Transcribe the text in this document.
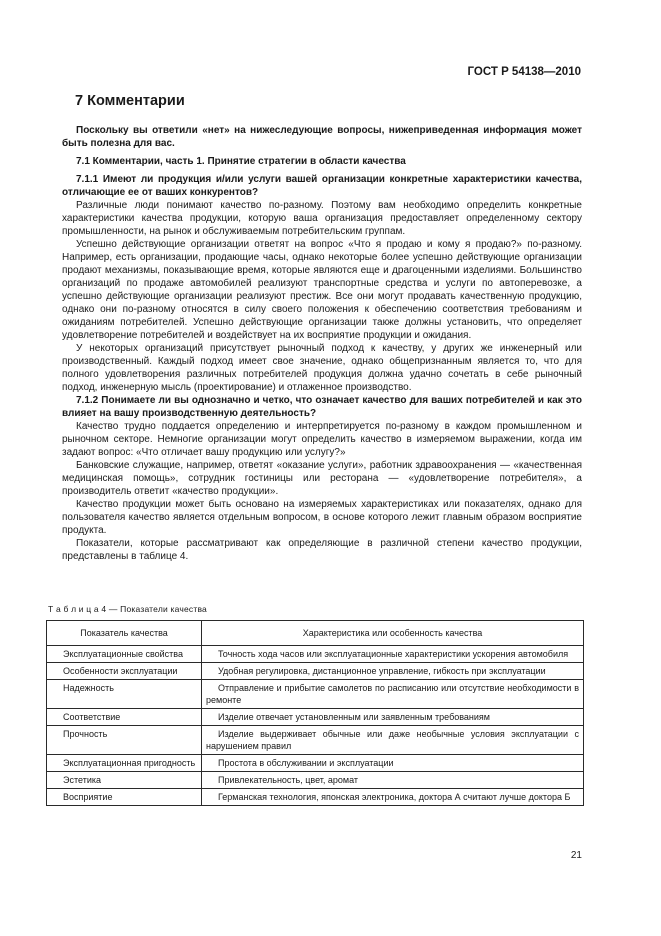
ГОСТ Р 54138—2010
7 Комментарии

Поскольку вы ответили «нет» на нижеследующие вопросы, нижеприведенная информация может быть полезна для вас.

7.1 Комментарии, часть 1. Принятие стратегии в области качества

7.1.1 Имеют ли продукция и/или услуги вашей организации конкретные характеристики качества, отличающие ее от ваших конкурентов?

Различные люди понимают качество по-разному. Поэтому вам необходимо определить конкретные характеристики качества продукции, которую ваша организация предоставляет определенному сектору промышленности, на рынок и обслуживаемым потребительским группам.

Успешно действующие организации ответят на вопрос «Что я продаю и кому я продаю?» по-разному. Например, есть организации, продающие часы, однако некоторые более успешно действующие организации продают механизмы, показывающие время, которые являются еще и драгоценными изделиями. Большинство организаций по продаже автомобилей реализуют транспортные средства и услуги по автоперевозке, а успешно действующие организации реализуют престиж. Все они могут продавать качественную продукцию, однако они по-разному относятся в силу своего положения к обеспечению соответствия требованиям и ожиданиям потребителей. Успешно действующие организации также должны установить, что определяет удовлетворение потребителей и воздействует на их восприятие продукции и ожидания.

У некоторых организаций присутствует рыночный подход к качеству, у других же инженерный или производственный. Каждый подход имеет свое значение, однако общепризнанным является то, что для полного удовлетворения различных потребителей продукция должна удачно сочетать в себе рыночный подход, инженерную мысль (проектирование) и отлаженное производство.

7.1.2 Понимаете ли вы однозначно и четко, что означает качество для ваших потребителей и как это влияет на вашу производственную деятельность?

Качество трудно поддается определению и интерпретируется по-разному в каждом промышленном и рыночном секторе. Немногие организации могут определить качество в измеряемом выражении, когда им задают вопрос: «Что отличает вашу продукцию или услугу?»

Банковские служащие, например, ответят «оказание услуги», работник здравоохранения — «качественная медицинская помощь», сотрудник гостиницы или ресторана — «удовлетворение потребителя», а производитель ответит «качество продукции».

Качество продукции может быть основано на измеряемых характеристиках или показателях, однако для пользователя качество является отдельным вопросом, в основе которого лежит главным образом восприятие продукта.

Показатели, которые рассматривают как определяющие в различной степени качество продукции, представлены в таблице 4.

Т а б л и ц а 4 — Показатели качества
Показатель качества	Характеристика или особенность качества
Эксплуатационные свойства	Точность хода часов или эксплуатационные характеристики ускорения автомобиля
Особенности эксплуатации	Удобная регулировка, дистанционное управление, гибкость при эксплуатации
Надежность	Отправление и прибытие самолетов по расписанию или отсутствие необходимости в ремонте
Соответствие	Изделие отвечает установленным или заявленным требованиям
Прочность	Изделие выдерживает обычные или даже необычные условия эксплуатации с нарушением правил
Эксплуатационная пригодность	Простота в обслуживании и эксплуатации
Эстетика	Привлекательность, цвет, аромат
Восприятие	Германская технология, японская электроника, доктора А считают лучше доктора Б
21
